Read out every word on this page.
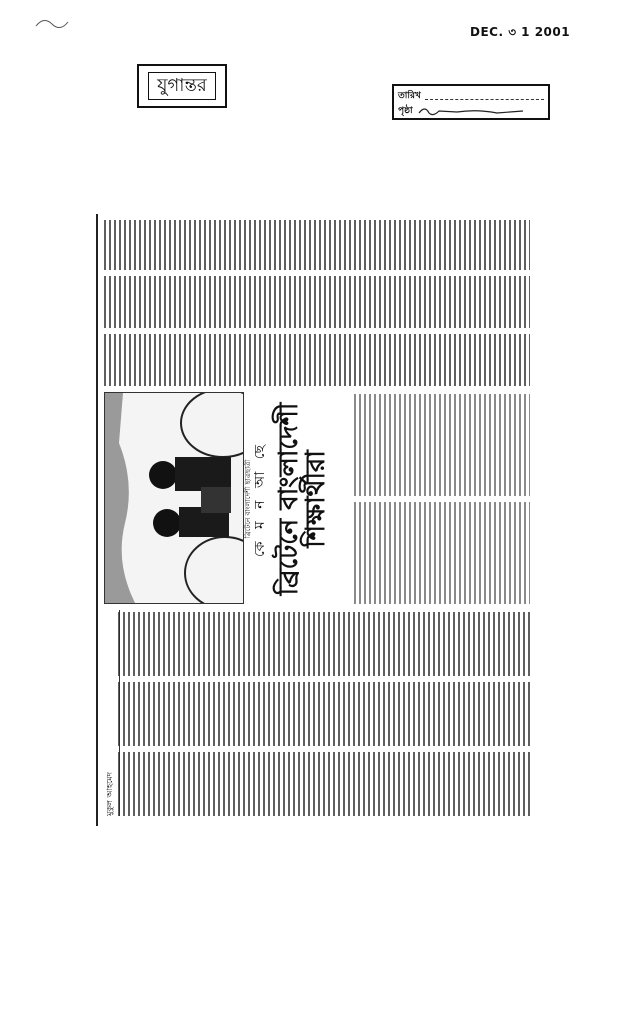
DEC. ৩ 1 2001
যুগান্তর	তারিখ
পৃষ্ঠা
মুকুল আহমেদ
ব্রিটেনে বাংলাদেশী ছাত্রছাত্রী কে ম ন আ ছে ব্রিটেনে বাংলাদেশী শিক্ষার্থীরা
